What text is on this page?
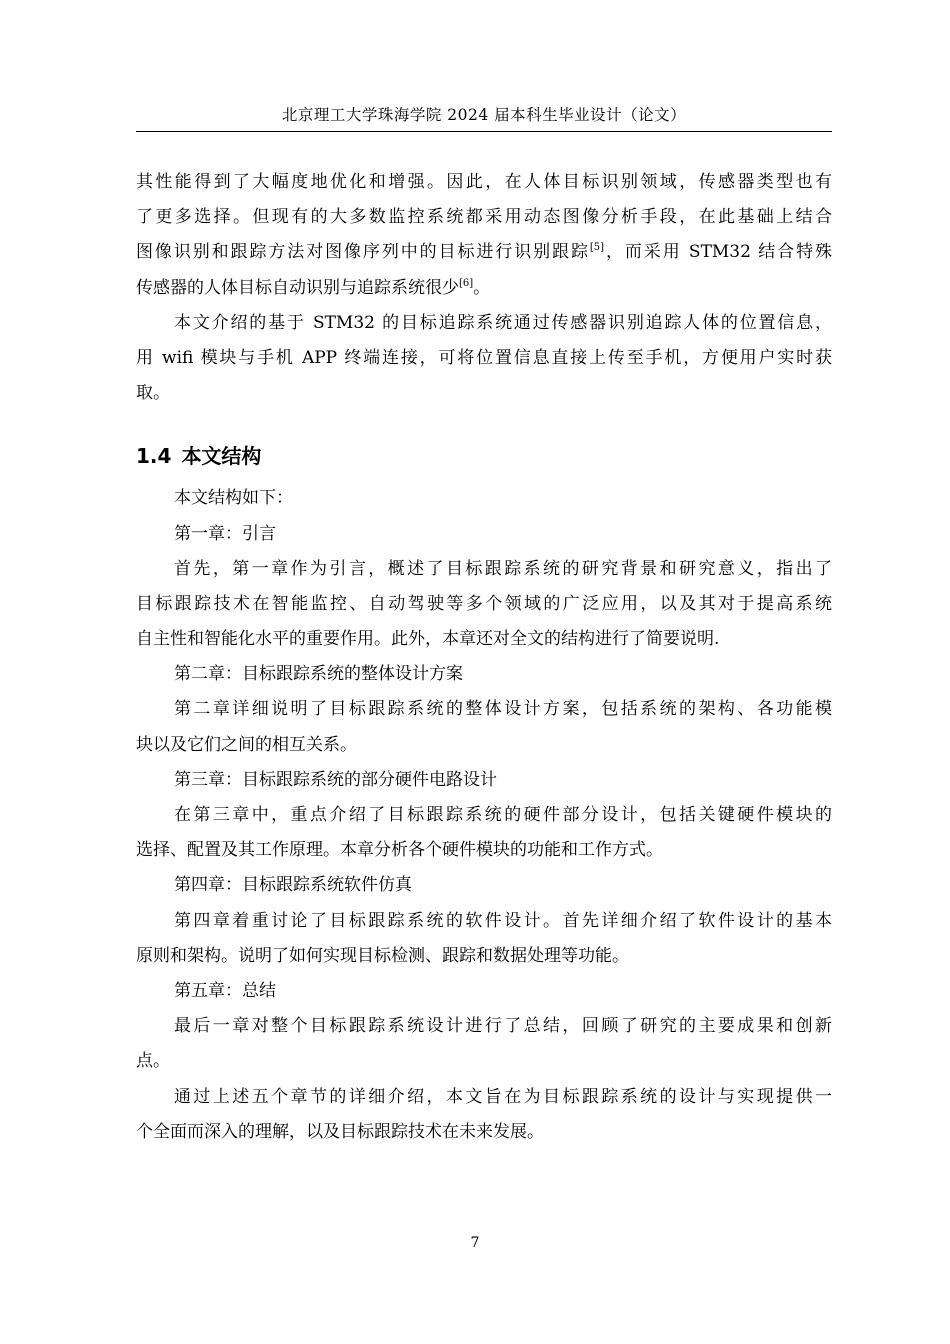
北京理工大学珠海学院 2024 届本科生毕业设计（论文）
其性能得到了大幅度地优化和增强。因此，在人体目标识别领域，传感器类型也有
了更多选择。但现有的大多数监控系统都采用动态图像分析手段，在此基础上结合
图像识别和跟踪方法对图像序列中的目标进行识别跟踪[5]，而采用 STM32 结合特殊
传感器的人体目标自动识别与追踪系统很少[6]。
本文介绍的基于 STM32 的目标追踪系统通过传感器识别追踪人体的位置信息，
用 wifi 模块与手机 APP 终端连接，可将位置信息直接上传至手机，方便用户实时获
取。
1.4 本文结构
本文结构如下：
第一章：引言
首先，第一章作为引言，概述了目标跟踪系统的研究背景和研究意义，指出了
目标跟踪技术在智能监控、自动驾驶等多个领域的广泛应用，以及其对于提高系统
自主性和智能化水平的重要作用。此外，本章还对全文的结构进行了简要说明.
第二章：目标跟踪系统的整体设计方案
第二章详细说明了目标跟踪系统的整体设计方案，包括系统的架构、各功能模
块以及它们之间的相互关系。
第三章：目标跟踪系统的部分硬件电路设计
在第三章中，重点介绍了目标跟踪系统的硬件部分设计，包括关键硬件模块的
选择、配置及其工作原理。本章分析各个硬件模块的功能和工作方式。
第四章：目标跟踪系统软件仿真
第四章着重讨论了目标跟踪系统的软件设计。首先详细介绍了软件设计的基本
原则和架构。说明了如何实现目标检测、跟踪和数据处理等功能。
第五章：总结
最后一章对整个目标跟踪系统设计进行了总结，回顾了研究的主要成果和创新
点。
通过上述五个章节的详细介绍，本文旨在为目标跟踪系统的设计与实现提供一
个全面而深入的理解，以及目标跟踪技术在未来发展。
7
